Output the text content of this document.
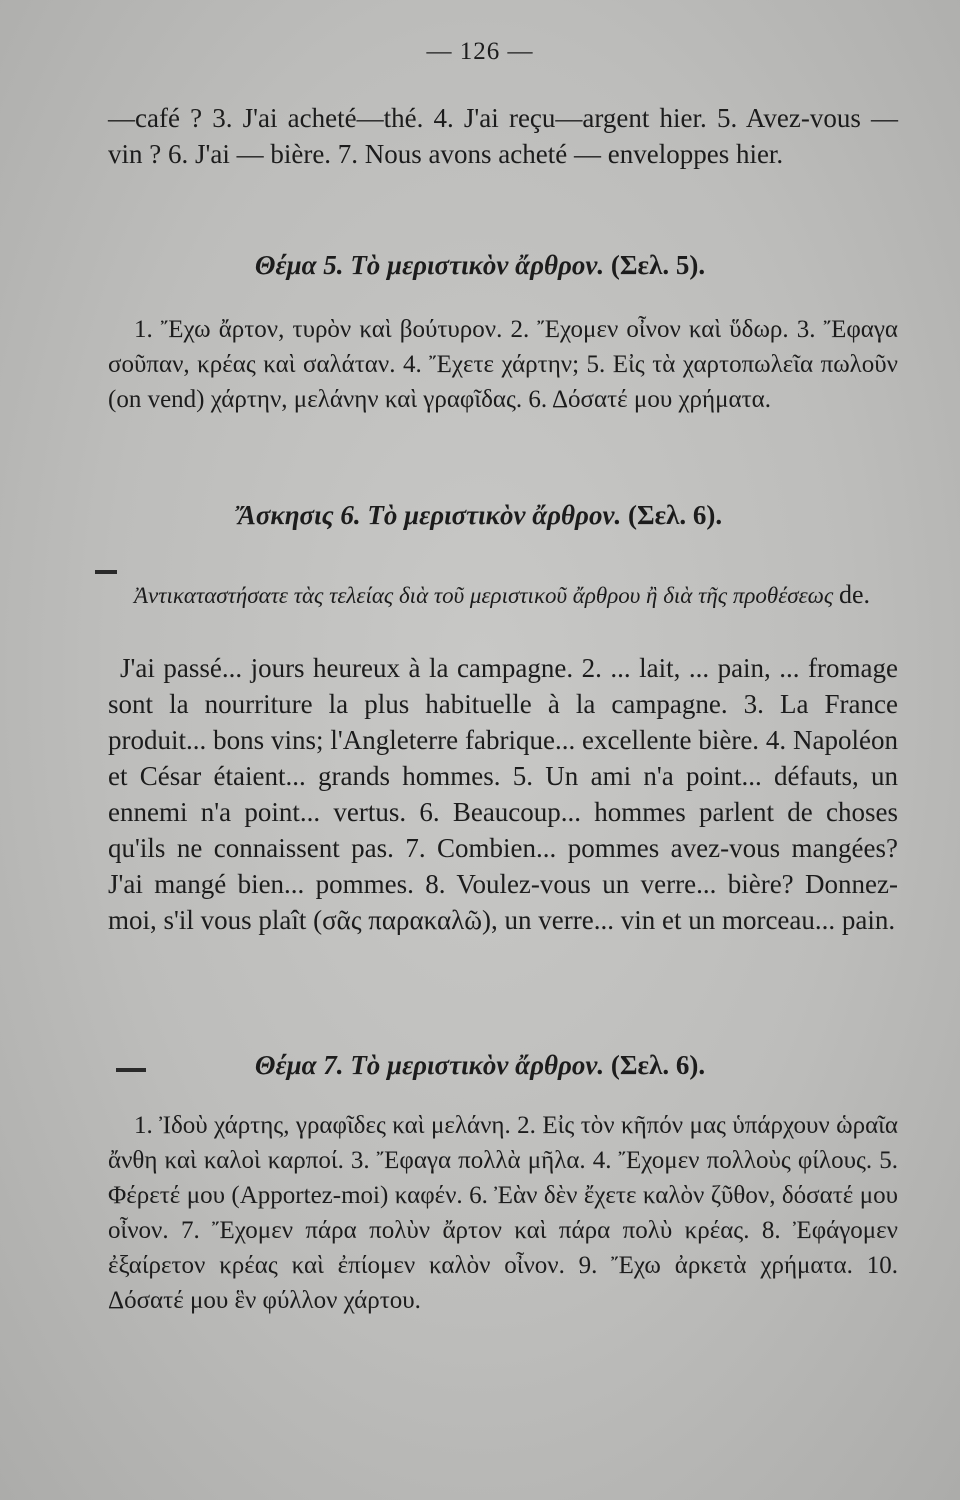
— 126 —

—café ? 3. J'ai acheté—thé. 4. J'ai reçu—argent hier. 5. Avez-vous — vin ? 6. J'ai — bière. 7. Nous avons acheté — enveloppes hier.

Θέμα 5. Τὸ μεριστικὸν ἄρθρον. (Σελ. 5).

1. Ἔχω ἄρτον, τυρὸν καὶ βούτυρον. 2. Ἔχομεν οἶνον καὶ ὕδωρ. 3. Ἔφαγα σοῦπαν, κρέας καὶ σαλάταν. 4. Ἔχετε χάρτην; 5. Εἰς τὰ χαρτοπωλεῖα πωλοῦν (on vend) χάρτην, μελάνην καὶ γραφῖδας. 6. Δόσατέ μου χρήματα.

Ἄσκησις 6. Τὸ μεριστικὸν ἄρθρον. (Σελ. 6).

Ἀντικαταστήσατε τὰς τελείας διὰ τοῦ μεριστικοῦ ἄρθρου ἢ διὰ τῆς προθέσεως de.

J'ai passé... jours heureux à la campagne. 2. ... lait, ... pain, ... fromage sont la nourriture la plus habituelle à la campagne. 3. La France produit... bons vins; l'Angleterre fabrique... excellente bière. 4. Napoléon et César étaient... grands hommes. 5. Un ami n'a point... défauts, un ennemi n'a point... vertus. 6. Beaucoup... hommes parlent de choses qu'ils ne connaissent pas. 7. Combien... pommes avez-vous mangées? J'ai mangé bien... pommes. 8. Voulez-vous un verre... bière? Donnez-moi, s'il vous plaît (σᾶς παρακαλῶ), un verre... vin et un morceau... pain.

Θέμα 7. Τὸ μεριστικὸν ἄρθρον. (Σελ. 6).

1. Ἰδοὺ χάρτης, γραφῖδες καὶ μελάνη. 2. Εἰς τὸν κῆπόν μας ὑπάρχουν ὡραῖα ἄνθη καὶ καλοὶ καρποί. 3. Ἔφαγα πολλὰ μῆλα. 4. Ἔχομεν πολλοὺς φίλους. 5. Φέρετέ μου (Apportez-moi) καφέν. 6. Ἐὰν δὲν ἔχετε καλὸν ζῦθον, δόσατέ μου οἶνον. 7. Ἔχομεν πάρα πολὺν ἄρτον καὶ πάρα πολὺ κρέας. 8. Ἐφάγομεν ἐξαίρετον κρέας καὶ ἐπίομεν καλὸν οἶνον. 9. Ἔχω ἀρκετὰ χρήματα. 10. Δόσατέ μου ἓν φύλλον χάρτου.
